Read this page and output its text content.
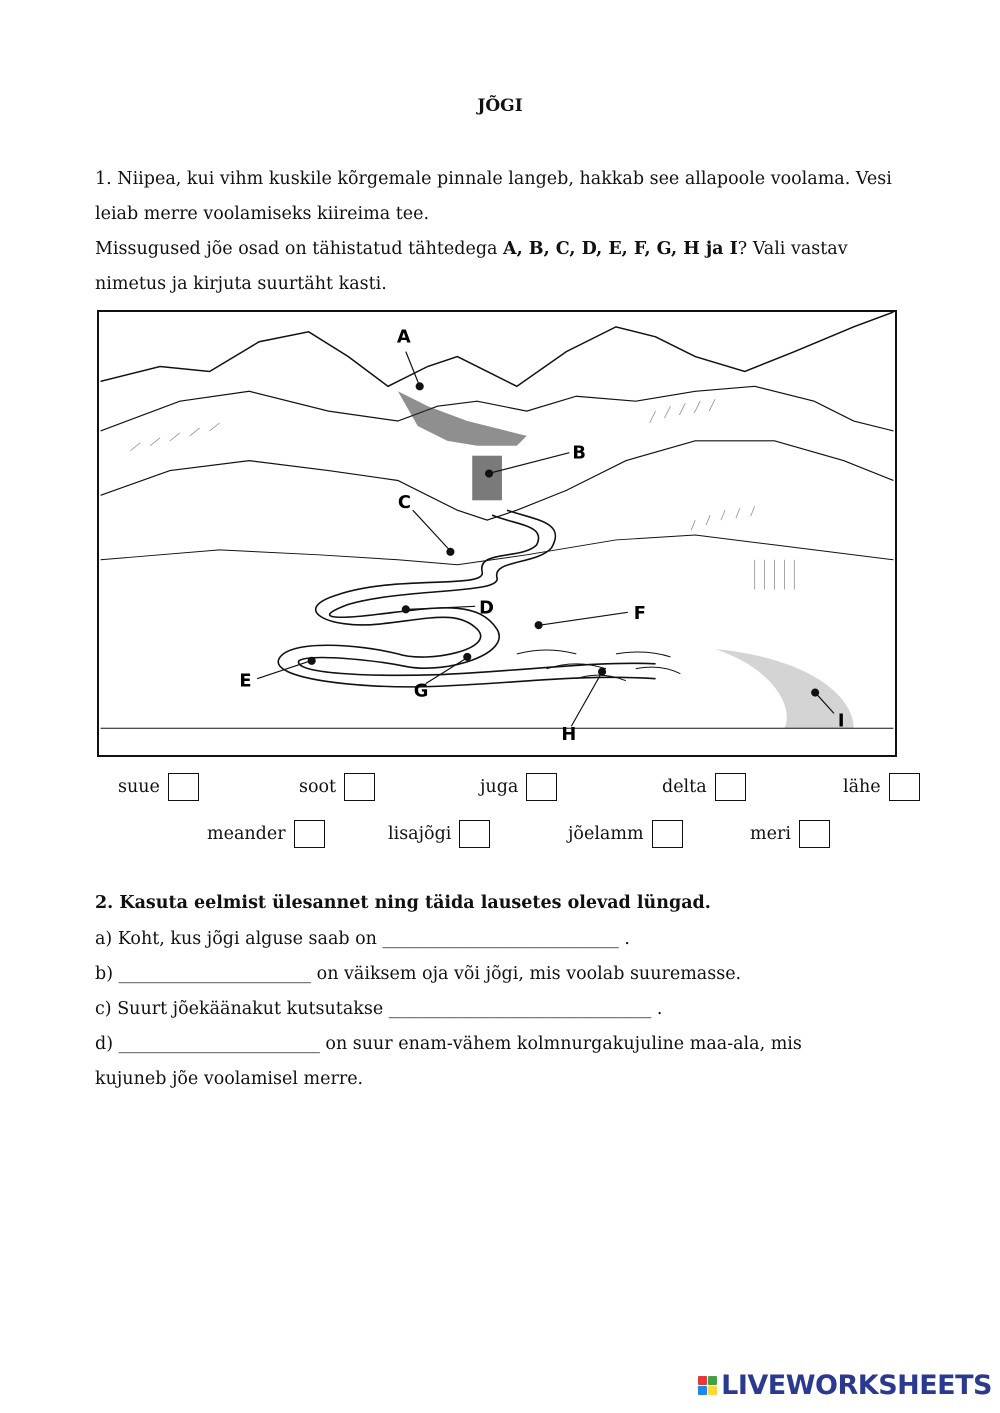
JÕGI
1. Niipea, kui vihm kuskile kõrgemale pinnale langeb, hakkab see allapoole voolama. Vesi leiab merre voolamiseks kiireima tee.
Missugused jõe osad on tähistatud tähtedega A, B, C, D, E, F, G, H ja I? Vali vastav nimetus ja kirjuta suurtäht kasti.
A
B
C
D
E
F
G
H
I
suue	soot	juga	delta	lähe
meander	lisajõgi	jõelamm	meri
2. Kasuta eelmist ülesannet ning täida lausetes olevad lüngad.
a) Koht, kus jõgi alguse saab on ___________________________ .
b) ______________________ on väiksem oja või jõgi, mis voolab suuremasse.
c) Suurt jõekäänakut kutsutakse ______________________________ .
d) _______________________ on suur enam-vähem kolmnurgakujuline maa-ala, mis
kujuneb jõe voolamisel merre.
LIVEWORKSHEETS
